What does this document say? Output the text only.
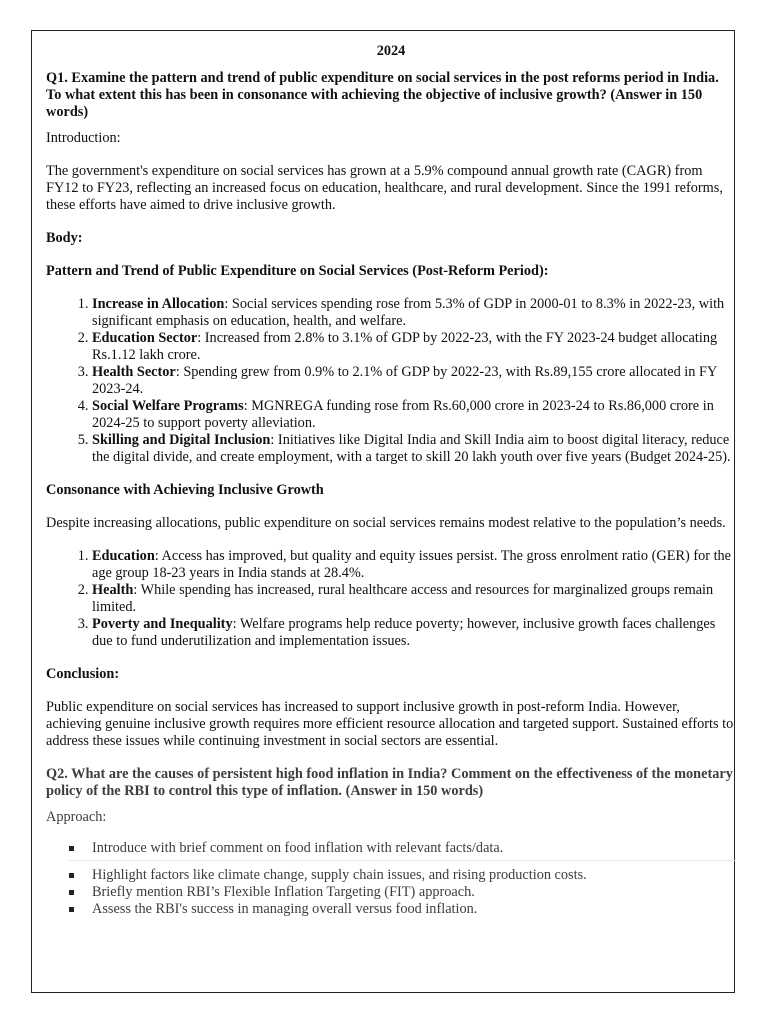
2024

Q1. Examine the pattern and trend of public expenditure on social services in the post reforms period in India. To what extent this has been in consonance with achieving the objective of inclusive growth? (Answer in 150 words)

Introduction:

The government's expenditure on social services has grown at a 5.9% compound annual growth rate (CAGR) from FY12 to FY23, reflecting an increased focus on education, healthcare, and rural development. Since the 1991 reforms, these efforts have aimed to drive inclusive growth.

Body:

Pattern and Trend of Public Expenditure on Social Services (Post-Reform Period):

1. Increase in Allocation: Social services spending rose from 5.3% of GDP in 2000-01 to 8.3% in 2022-23, with significant emphasis on education, health, and welfare.
2. Education Sector: Increased from 2.8% to 3.1% of GDP by 2022-23, with the FY 2023-24 budget allocating Rs.1.12 lakh crore.
3. Health Sector: Spending grew from 0.9% to 2.1% of GDP by 2022-23, with Rs.89,155 crore allocated in FY 2023-24.
4. Social Welfare Programs: MGNREGA funding rose from Rs.60,000 crore in 2023-24 to Rs.86,000 crore in 2024-25 to support poverty alleviation.
5. Skilling and Digital Inclusion: Initiatives like Digital India and Skill India aim to boost digital literacy, reduce the digital divide, and create employment, with a target to skill 20 lakh youth over five years (Budget 2024-25).

Consonance with Achieving Inclusive Growth

Despite increasing allocations, public expenditure on social services remains modest relative to the population’s needs.

1. Education: Access has improved, but quality and equity issues persist. The gross enrolment ratio (GER) for the age group 18-23 years in India stands at 28.4%.
2. Health: While spending has increased, rural healthcare access and resources for marginalized groups remain limited.
3. Poverty and Inequality: Welfare programs help reduce poverty; however, inclusive growth faces challenges due to fund underutilization and implementation issues.

Conclusion:

Public expenditure on social services has increased to support inclusive growth in post-reform India. However, achieving genuine inclusive growth requires more efficient resource allocation and targeted support. Sustained efforts to address these issues while continuing investment in social sectors are essential.

Q2. What are the causes of persistent high food inflation in India? Comment on the effectiveness of the monetary policy of the RBI to control this type of inflation. (Answer in 150 words)

Approach:

Introduce with brief comment on food inflation with relevant facts/data.
Highlight factors like climate change, supply chain issues, and rising production costs.
Briefly mention RBI’s Flexible Inflation Targeting (FIT) approach.
Assess the RBI's success in managing overall versus food inflation.
